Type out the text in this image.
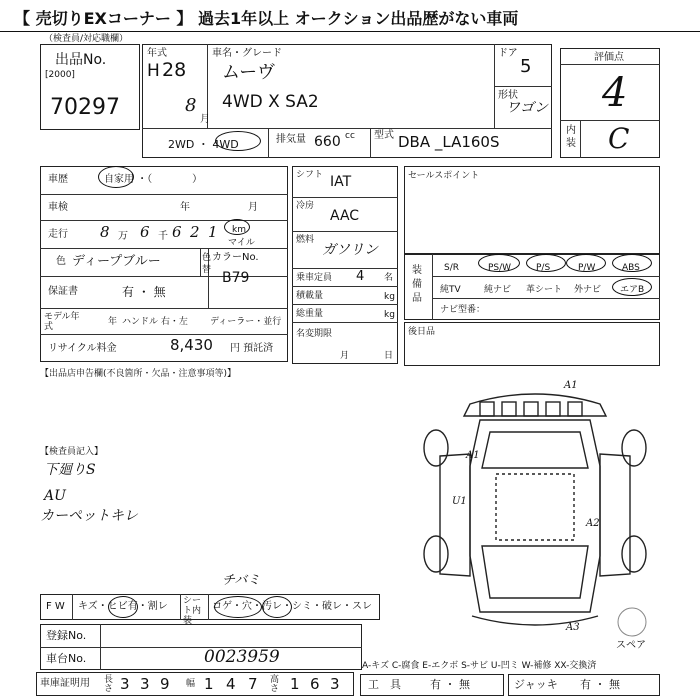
【 売切りEXコーナー 】 過去1年以上 オークション出品歴がない車両
（検査員/対応職欄）
出品No.
[2000]
70297
年式
H 28
8
月
車名・グレード
ムーヴ
4WD X SA2
ドア
5
形状
ワゴン
2WD ・ 4WD	排気量 660 cc 型式 DBA _LA160S
評価点
4
内装 C
車歴	自家用 ・（　　　　）
車検	年	月
走行 8 万 6 千 6 2 1 km
マイル
色 ディープブルー	色替
カラーNo.
B79
保証書	有 ・ 無
モデル年式	年 ハンドル 右・左 ディーラー・並行
リサイクル料金	8,430 円 預託済
シフト IAT
冷房
AAC
燃料
ガソリン
乗車定員 4 名
積載量	kg
総重量	kg
名変期限
月	日
セールスポイント
装備品
S/R	PS/W	P/S	P/W	ABS
純TV	純ナビ 革シート 外ナビ エアB
ナビ型番：
後日品
【出品店申告欄(不良箇所・欠品・注意事項等)】
【検査員記入】
下廻りS
AU
カーペットキレ
A1
A1
U1
A2
A3
スペア
F W キズ・ヒビ有・割レ シート内装
コゲ・穴・汚レ・シミ・破レ・スレ
チバミ
登録No.
車台No.	0023959	A-キズ C-腐食 E-エクボ S-サビ U-凹ミ W-補修 XX-交換済
車庫証明用 長さ 3 3 9 幅 1 4 7 高さ 1 6 3	工　具	有 ・ 無	ジャッキ 有 ・ 無
